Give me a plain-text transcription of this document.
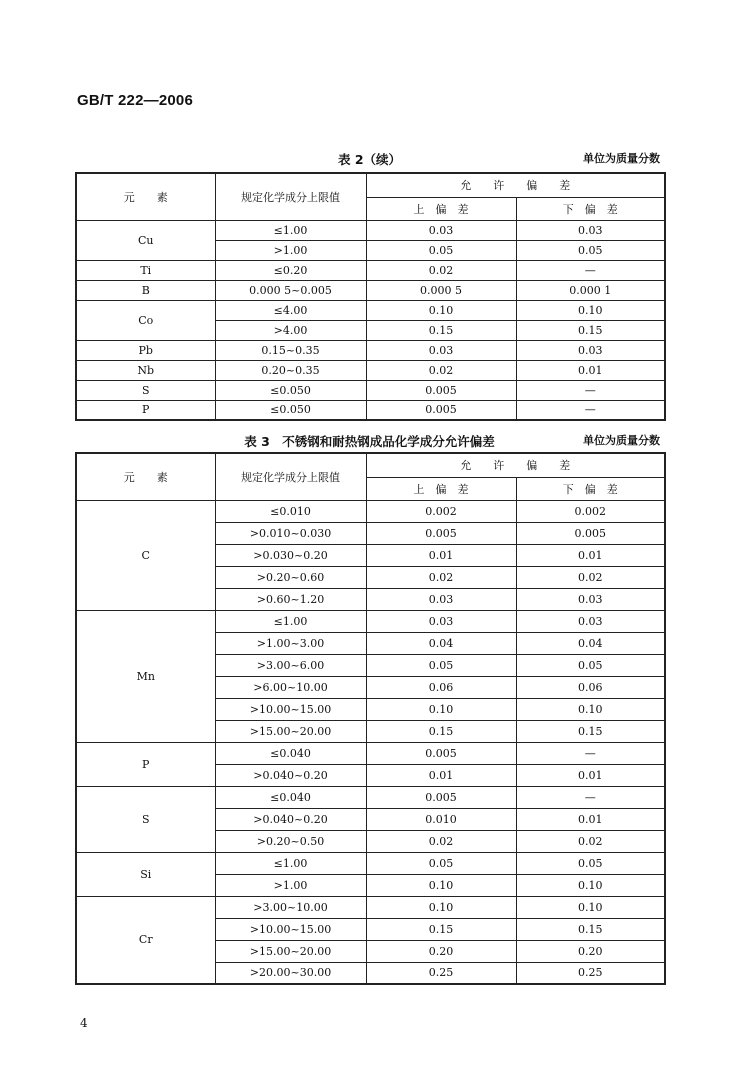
GB/T 222—2006
表 2（续）	单位为质量分数
元　　素	规定化学成分上限值	允　　许　　偏　　差	
		上　偏　差	下　偏　差
Cu	≤1.00	0.03	0.03
	>1.00	0.05	0.05
Ti	≤0.20	0.02	—
B	0.000 5~0.005	0.000 5	0.000 1
Co	≤4.00	0.10	0.10
	>4.00	0.15	0.15
Pb	0.15~0.35	0.03	0.03
Nb	0.20~0.35	0.02	0.01
S	≤0.050	0.005	—
P	≤0.050	0.005	—
表 3　不锈钢和耐热钢成品化学成分允许偏差	单位为质量分数
元　　素	规定化学成分上限值	允　　许　　偏　　差	
		上　偏　差	下　偏　差
C	≤0.010	0.002	0.002
	>0.010~0.030	0.005	0.005
	>0.030~0.20	0.01	0.01
	>0.20~0.60	0.02	0.02
	>0.60~1.20	0.03	0.03
Mn	≤1.00	0.03	0.03
	>1.00~3.00	0.04	0.04
	>3.00~6.00	0.05	0.05
	>6.00~10.00	0.06	0.06
	>10.00~15.00	0.10	0.10
	>15.00~20.00	0.15	0.15
P	≤0.040	0.005	—
	>0.040~0.20	0.01	0.01
S	≤0.040	0.005	—
	>0.040~0.20	0.010	0.01
	>0.20~0.50	0.02	0.02
Si	≤1.00	0.05	0.05
	>1.00	0.10	0.10
Cr	>3.00~10.00	0.10	0.10
	>10.00~15.00	0.15	0.15
	>15.00~20.00	0.20	0.20
	>20.00~30.00	0.25	0.25
4
